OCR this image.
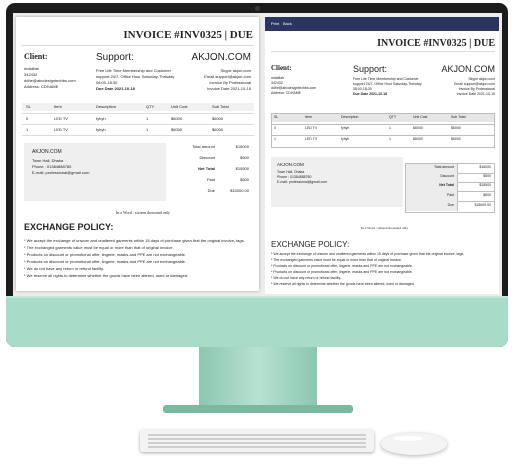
INVOICE #INV0325 | DUE
Client:
mdalilab
342432
ddhe@abcdesigntechbs.com
Address: CDHAME
Support:
Free Life Time Membership and Customer
support 24/7, Office Hour Saturday-Thrisday
08:00-18:30
Due Date 2021-10-18
AKJON.COM
Skype akjon.com
Email support@akjon.com
Invoice By Professional
Invoice Date 2021-10-15
SL	Item	Description	QTY	Unit Cost	Sub Total
0	LED TV	fyhyh	1	$6000	$6000
1	LED TV	fyhyh	1	$6000	$6000
AKJON.COM
Town Hall, Dhaka
Phone : 01384888780
E-mail: professional@gmail.com
Total amount	$16000
Discount	$500
Net Total	$15500
Paid	$500
Due	$15000.00
In a Word : sixteen thousand only
EXCHANGE POLICY:
* We accept the exchange of unworn and unaltered garments within 15 days of purchase given that the original invoice, tags.
* The exchanged garments value must be equal or more than that of original invoice.
* Products on discount or promotional offer, lingerie, masks and PPE are not exchangeable.
* Products on discount or promotional offer, lingerie, masks and PPE are not exchangeable.
* We do not have any return or refund facility.
* We reserve all rights to determine whether the goods have been altered, used or damaged.
Print Back
INVOICE #INV0325 | DUE
Client:
mdalilab
342432
ddhe@abcdesigntechbs.com
Address: CDHAME
Support:
Free Life Time Membership and Customer
support 24/7, Office Hour Saturday-Thrisday
08:00-18:30
Due Date 2021-10-18
AKJON.COM
Skype akjon.com
Email support@akjon.com
Invoice By Professional
Invoice Date 2021-10-15
SL	Item	Description	QTY	Unit Cost	Sub Total
0	LED TV	fyhyh	1	$6000	$6000
1	LED TV	fyhyh	1	$6000	$6000
AKJON.COM
Town Hall, Dhaka
Phone : 01384888780
E-mail: professional@gmail.com
Total amount	$16000
Discount	$500
Net Total	$15500
Paid	$500
Due	$15000.00
In a Word : sixteen thousand only
EXCHANGE POLICY:
* We accept the exchange of unworn and unaltered garments within 15 days of purchase given that the original invoice, tags.
* The exchanged garments value must be equal or more than that of original invoice.
* Products on discount or promotional offer, lingerie, masks and PPE are not exchangeable.
* Products on discount or promotional offer, lingerie, masks and PPE are not exchangeable.
* We do not have any return or refund facility.
* We reserve all rights to determine whether the goods have been altered, used or damaged.
